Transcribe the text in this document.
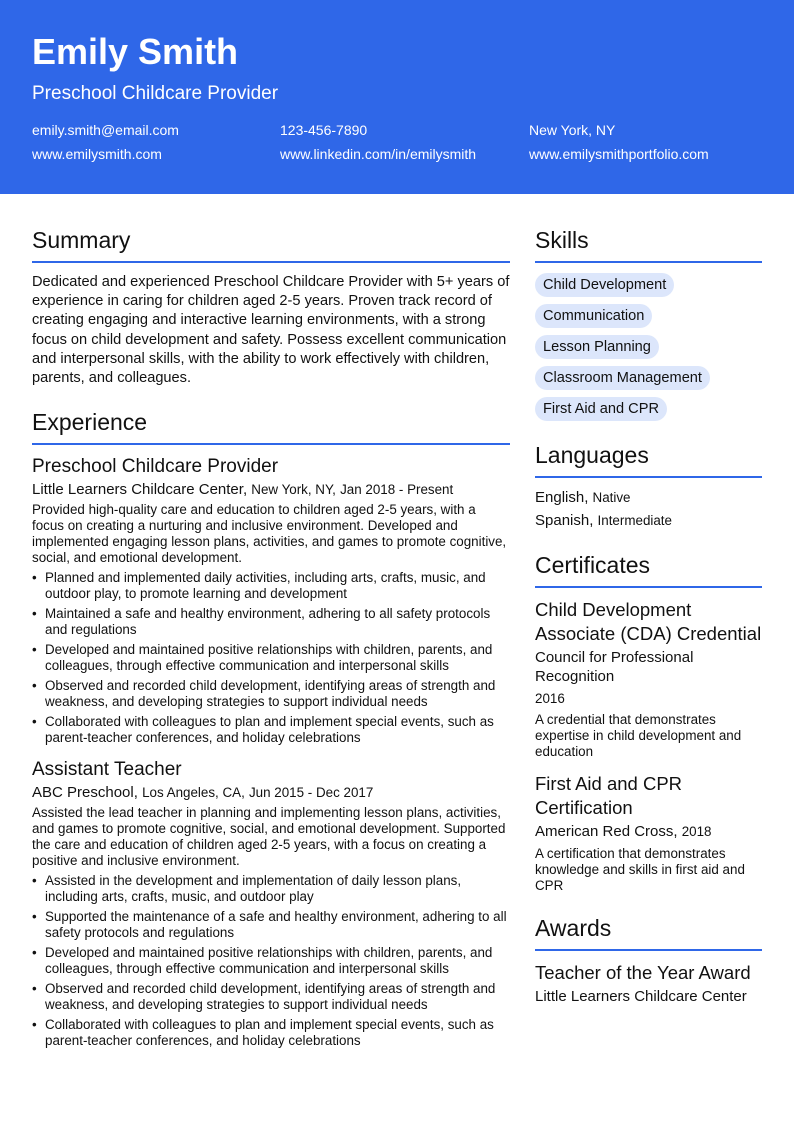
Emily Smith
Preschool Childcare Provider
emily.smith@email.com	123-456-7890	New York, NY
www.emilysmith.com	www.linkedin.com/in/emilysmith	www.emilysmithportfolio.com
Summary

Dedicated and experienced Preschool Childcare Provider with 5+ years of experience in caring for children aged 2-5 years. Proven track record of creating engaging and interactive learning environments, with a strong focus on child development and safety. Possess excellent communication and interpersonal skills, with the ability to work effectively with children, parents, and colleagues.

Experience
Preschool Childcare Provider
Little Learners Childcare Center, New York, NY, Jan 2018 - Present

Provided high-quality care and education to children aged 2-5 years, with a focus on creating a nurturing and inclusive environment. Developed and implemented engaging lesson plans, activities, and games to promote cognitive, social, and emotional development.

• Planned and implemented daily activities, including arts, crafts, music, and outdoor play, to promote learning and development
• Maintained a safe and healthy environment, adhering to all safety protocols and regulations
• Developed and maintained positive relationships with children, parents, and colleagues, through effective communication and interpersonal skills
• Observed and recorded child development, identifying areas of strength and weakness, and developing strategies to support individual needs
• Collaborated with colleagues to plan and implement special events, such as parent-teacher conferences, and holiday celebrations
Assistant Teacher
ABC Preschool, Los Angeles, CA, Jun 2015 - Dec 2017

Assisted the lead teacher in planning and implementing lesson plans, activities, and games to promote cognitive, social, and emotional development. Supported the care and education of children aged 2-5 years, with a focus on creating a positive and inclusive environment.

• Assisted in the development and implementation of daily lesson plans, including arts, crafts, music, and outdoor play
• Supported the maintenance of a safe and healthy environment, adhering to all safety protocols and regulations
• Developed and maintained positive relationships with children, parents, and colleagues, through effective communication and interpersonal skills
• Observed and recorded child development, identifying areas of strength and weakness, and developing strategies to support individual needs
• Collaborated with colleagues to plan and implement special events, such as parent-teacher conferences, and holiday celebrations
Skills
Child Development
Communication
Lesson Planning
Classroom Management
First Aid and CPR
Languages
English, Native
Spanish, Intermediate
Certificates
Child Development Associate (CDA) Credential
Council for Professional Recognition
2016
A credential that demonstrates expertise in child development and education
First Aid and CPR Certification
American Red Cross, 2018
A certification that demonstrates knowledge and skills in first aid and CPR
Awards
Teacher of the Year Award
Little Learners Childcare Center
